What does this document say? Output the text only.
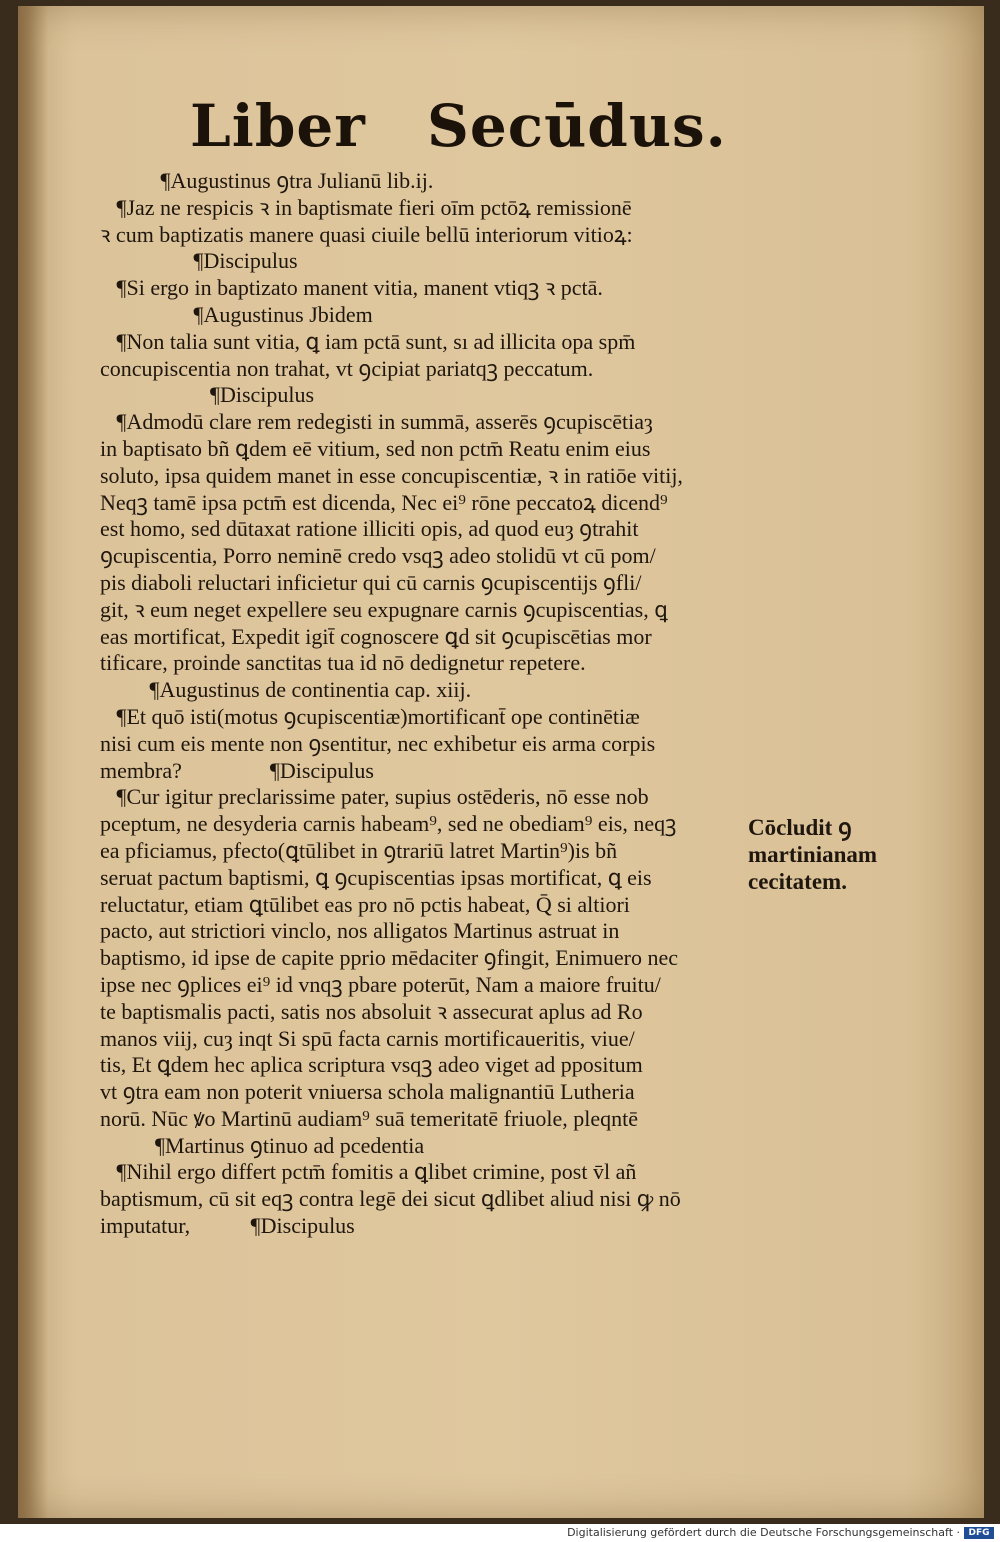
Liber Secūdus.
¶Augustinus ꝯtra Julianū lib.ij.
¶Jaz ne respicis ꝛ in baptismate fieri oīm pctōꝝ remissionē
ꝛ cum baptizatis manere quasi ciuile bellū interiorum vitioꝝ:
¶Discipulus
¶Si ergo in baptizato manent vitia, manent vtiqꝫ ꝛ pctā.
¶Augustinus Jbidem
¶Non talia sunt vitia, ꝗ iam pctā sunt, sı ad illicita opa spm̄
concupiscentia non trahat, vt ꝯcipiat pariatqꝫ peccatum.
¶Discipulus
¶Admodū clare rem redegisti in summā, asserēs ꝯcupiscētiaȝ
in baptisato bñ ꝗdem eē vitium, sed non pctm̄ Reatu enim eius
soluto, ipsa quidem manet in esse concupiscentiæ, ꝛ in ratiōe vitij,
Neqꝫ tamē ipsa pctm̄ est dicenda, Nec ei⁹ rōne peccatoꝝ dicend⁹
est homo, sed dūtaxat ratione illiciti opis, ad quod euȝ ꝯtrahit
ꝯcupiscentia, Porro neminē credo vsqꝫ adeo stolidū vt cū pom/
pis diaboli reluctari inficietur qui cū carnis ꝯcupiscentijs ꝯfli/
git, ꝛ eum neget expellere seu expugnare carnis ꝯcupiscentias, ꝗ
eas mortificat, Expedit igit̄ cognoscere ꝗd sit ꝯcupiscētias mor
tificare, proinde sanctitas tua id nō dedignetur repetere.
¶Augustinus de continentia cap. xiij.
¶Et quō isti(motus ꝯcupiscentiæ)mortificant̄ ope continētiæ
nisi cum eis mente non ꝯsentitur, nec exhibetur eis arma corpis
membra?                ¶Discipulus
¶Cur igitur preclarissime pater, supius ostēderis, nō esse nob
pceptum, ne desyderia carnis habeam⁹, sed ne obediam⁹ eis, neqꝫ
ea pficiamus, pfecto(ꝗtūlibet in ꝯtrariū latret Martin⁹)is bñ
seruat pactum baptismi, ꝗ ꝯcupiscentias ipsas mortificat, ꝗ eis
reluctatur, etiam ꝗtūlibet eas pro nō pctis habeat, Q̄ si altiori
pacto, aut strictiori vinclo, nos alligatos Martinus astruat in
baptismo, id ipse de capite pprio mēdaciter ꝯfingit, Enimuero nec
ipse nec ꝯplices ei⁹ id vnqꝫ pbare poterūt, Nam a maiore fruitu/
te baptismalis pacti, satis nos absoluit ꝛ assecurat aplus ad Ro
manos viij, cuȝ inqt Si spū facta carnis mortificaueritis, viue/
tis, Et ꝗdem hec aplica scriptura vsqꝫ adeo viget ad ppositum
vt ꝯtra eam non poterit vniuersa schola malignantiū Lutheria
norū. Nūc ꝟo Martinū audiam⁹ suā temeritatē friuole, pleqntē
¶Martinus ꝯtinuo ad pcedentia
¶Nihil ergo differt pctm̄ fomitis a ꝗlibet crimine, post v̄l añ
baptismum, cū sit eqꝫ contra legē dei sicut ꝗdlibet aliud nisi ꝙ nō
imputatur,           ¶Discipulus
Cōcludit ꝯ
martinianam
cecitatem.
Digitalisierung gefördert durch die Deutsche Forschungsgemeinschaft · DFG
